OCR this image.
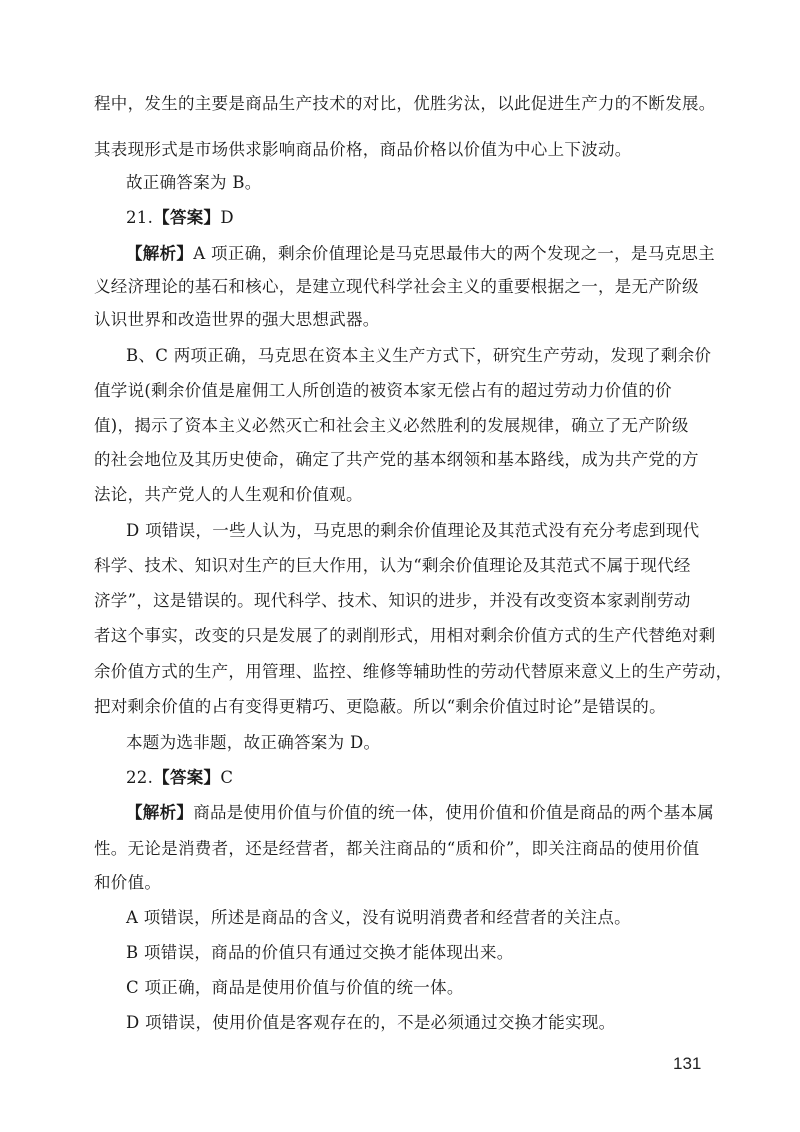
程中，发生的主要是商品生产技术的对比，优胜劣汰，以此促进生产力的不断发展。
其表现形式是市场供求影响商品价格，商品价格以价值为中心上下波动。
故正确答案为 B。
21.【答案】D
【解析】A 项正确，剩余价值理论是马克思最伟大的两个发现之一，是马克思主
义经济理论的基石和核心，是建立现代科学社会主义的重要根据之一，是无产阶级
认识世界和改造世界的强大思想武器。
B、C 两项正确，马克思在资本主义生产方式下，研究生产劳动，发现了剩余价
值学说(剩余价值是雇佣工人所创造的被资本家无偿占有的超过劳动力价值的价
值)，揭示了资本主义必然灭亡和社会主义必然胜利的发展规律，确立了无产阶级
的社会地位及其历史使命，确定了共产党的基本纲领和基本路线，成为共产党的方
法论，共产党人的人生观和价值观。
D 项错误，一些人认为，马克思的剩余价值理论及其范式没有充分考虑到现代
科学、技术、知识对生产的巨大作用，认为“剩余价值理论及其范式不属于现代经
济学”，这是错误的。现代科学、技术、知识的进步，并没有改变资本家剥削劳动
者这个事实，改变的只是发展了的剥削形式，用相对剩余价值方式的生产代替绝对剩
余价值方式的生产，用管理、监控、维修等辅助性的劳动代替原来意义上的生产劳动，
把对剩余价值的占有变得更精巧、更隐蔽。所以“剩余价值过时论”是错误的。
本题为选非题，故正确答案为 D。
22.【答案】C
【解析】商品是使用价值与价值的统一体，使用价值和价值是商品的两个基本属
性。无论是消费者，还是经营者，都关注商品的“质和价”，即关注商品的使用价值
和价值。
A 项错误，所述是商品的含义，没有说明消费者和经营者的关注点。
B 项错误，商品的价值只有通过交换才能体现出来。
C 项正确，商品是使用价值与价值的统一体。
D 项错误，使用价值是客观存在的，不是必须通过交换才能实现。
131
